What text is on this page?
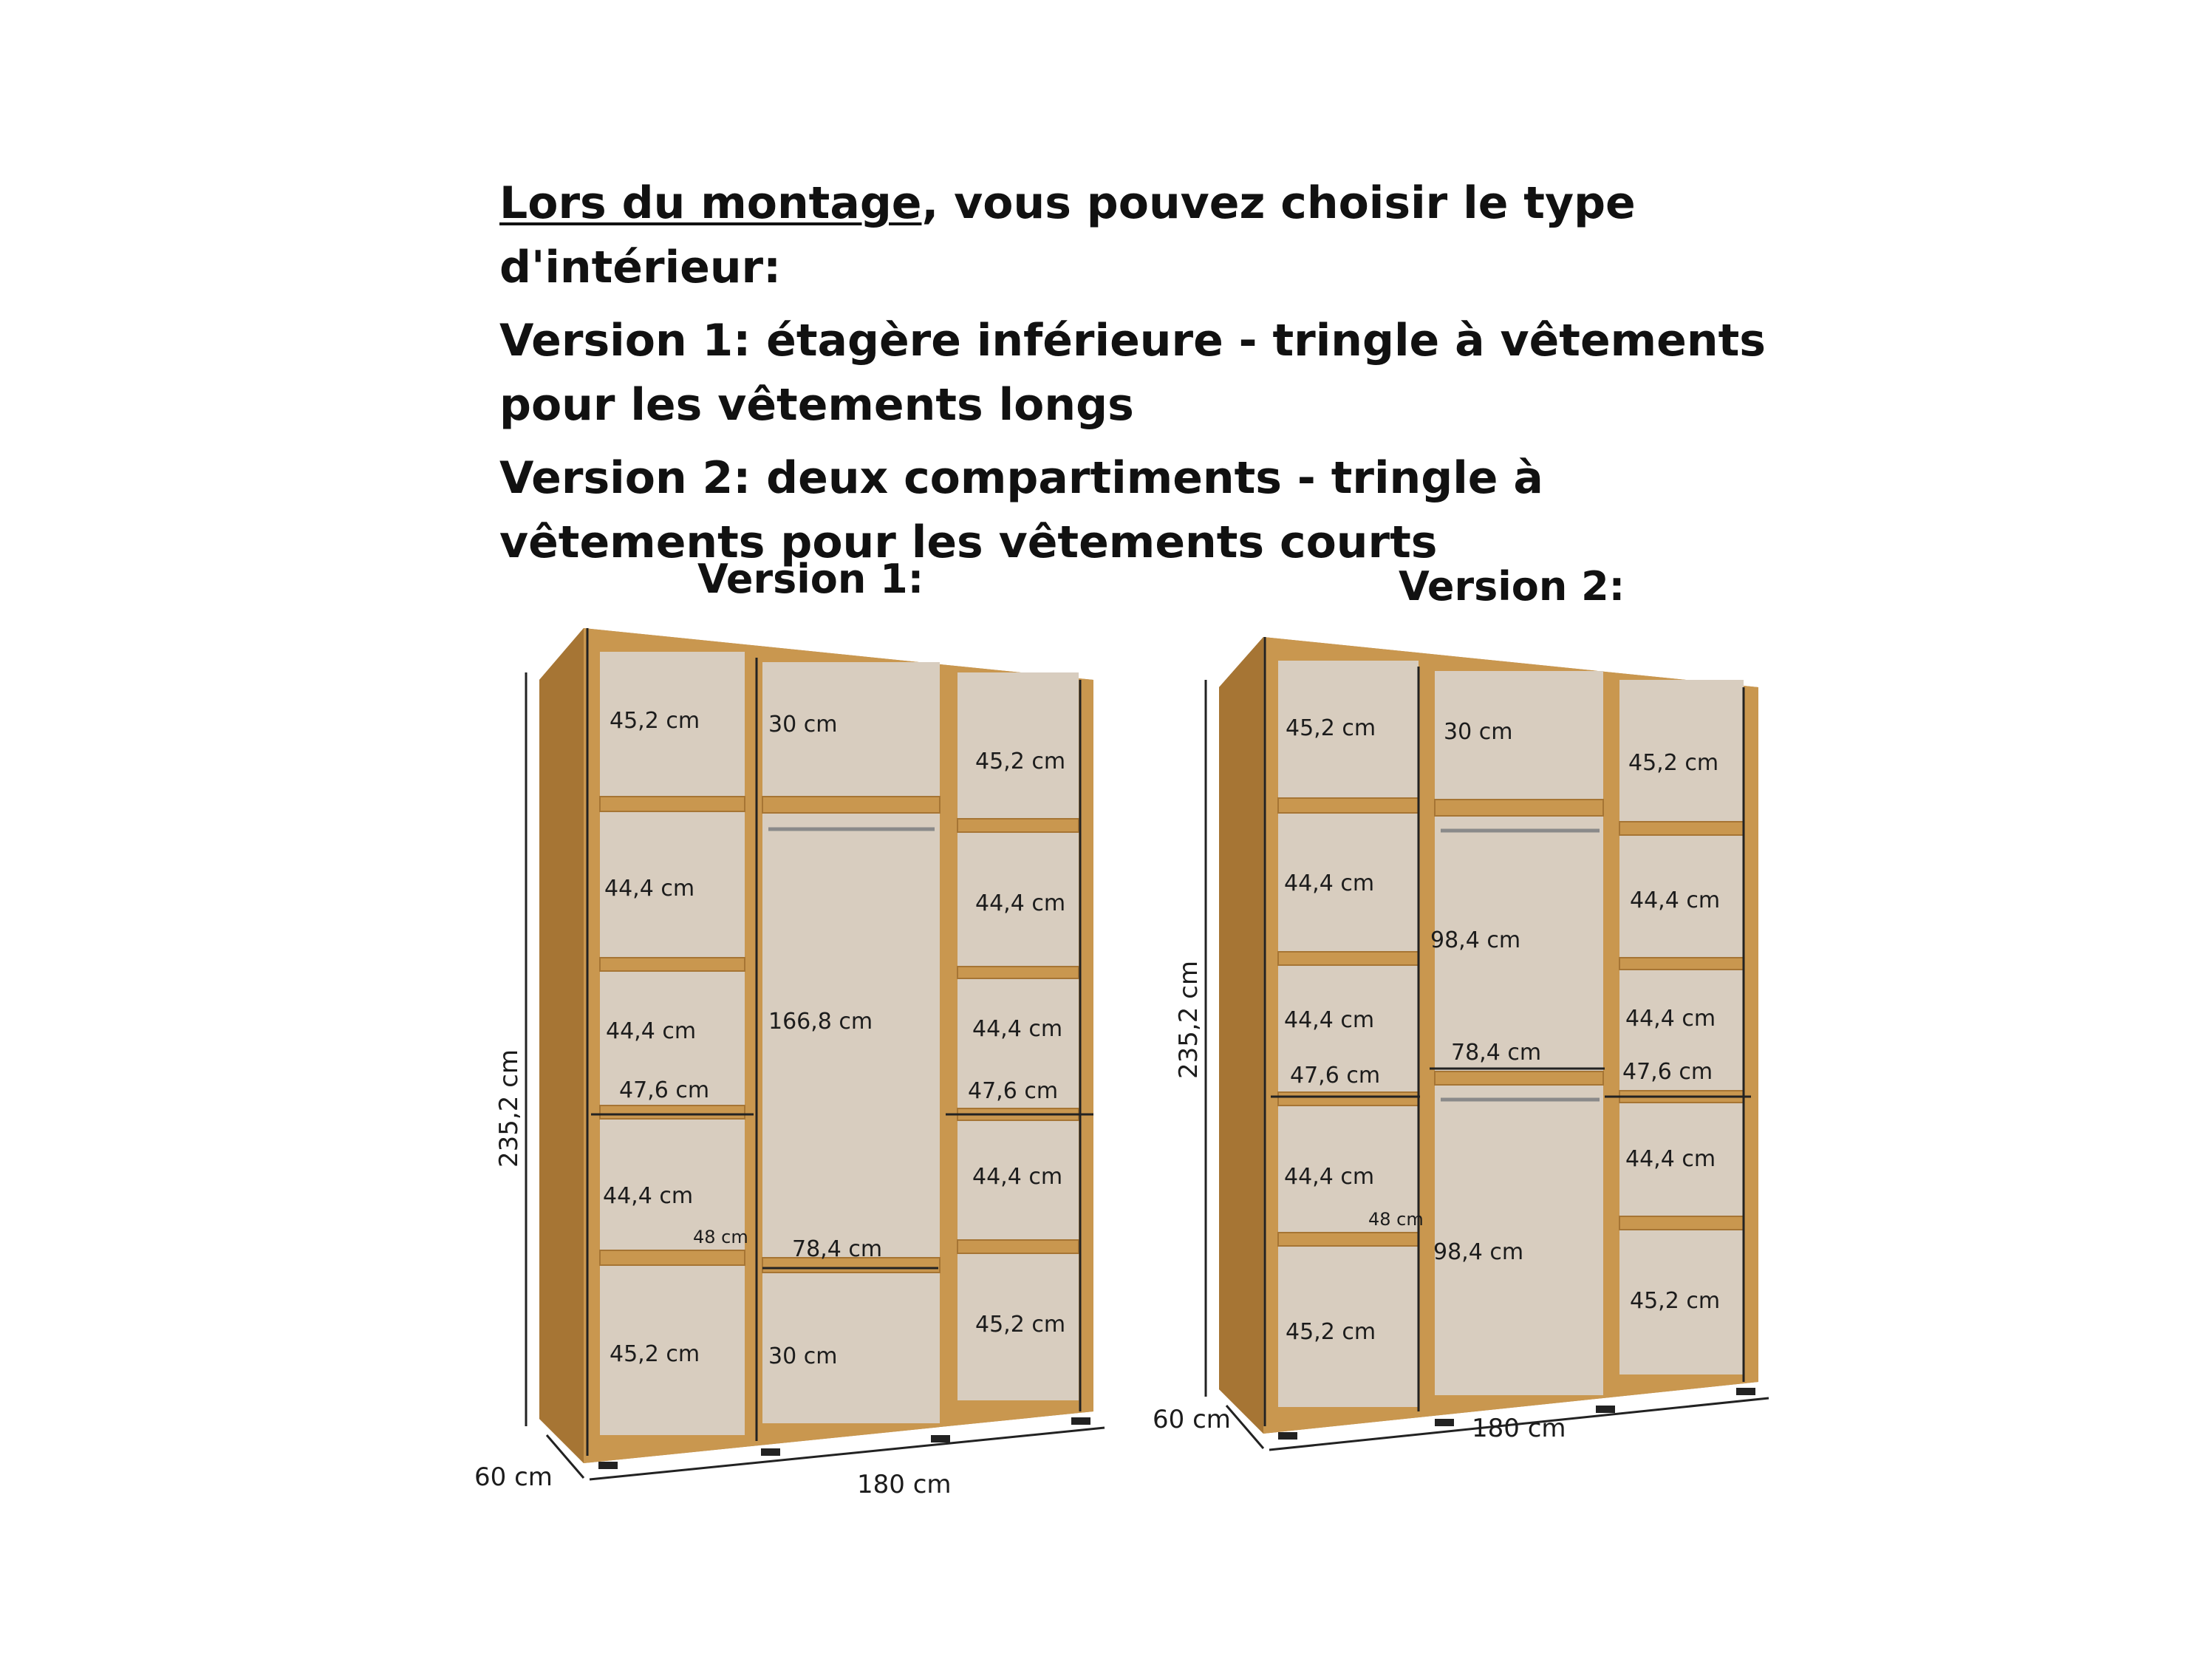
Lors du montage, vous pouvez choisir le type d'intérieur:

Version 1: étagère inférieure - tringle à vêtements pour les vêtements longs

Version 2: deux compartiments - tringle à vêtements pour les vêtements courts

Version 1:	Version 2:
235,2 cm
60 cm	180 cm
45,2 cm
44,4 cm
44,4 cm
47,6 cm
44,4 cm
48 cm
45,2 cm
30 cm
166,8 cm
78,4 cm
30 cm
45,2 cm
44,4 cm
44,4 cm
47,6 cm
44,4 cm
45,2 cm
235,2 cm
60 cm	180 cm
45,2 cm
44,4 cm
44,4 cm
47,6 cm
44,4 cm
48 cm
45,2 cm
30 cm
98,4 cm
78,4 cm
98,4 cm
45,2 cm
44,4 cm
44,4 cm
47,6 cm
44,4 cm
45,2 cm
